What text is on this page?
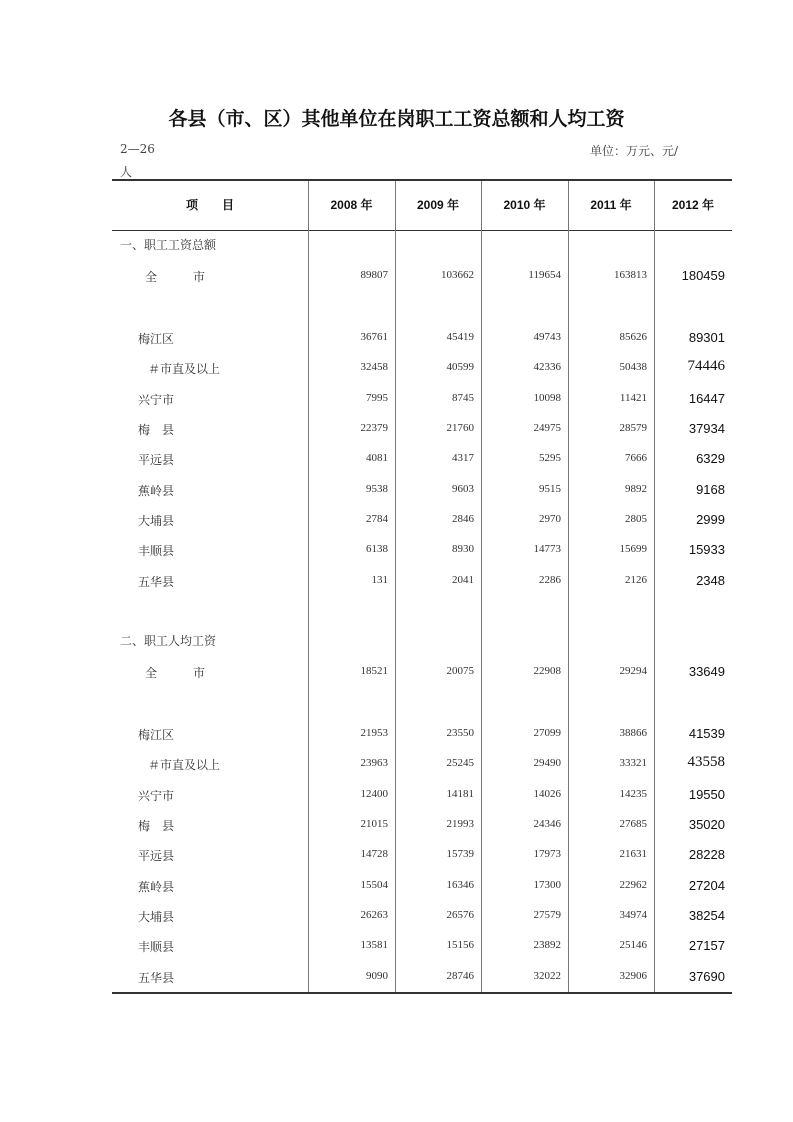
各县（市、区）其他单位在岗职工工资总额和人均工资
2—26	单位：万元、元/
人
项　　目	2008 年	2009 年	2010 年	2011 年	2012 年
一、职工工资总额
全　　　市	89807	103662	119654	163813	180459
梅江区	36761	45419	49743	85626	89301
＃市直及以上	32458	40599	42336	50438	74446
兴宁市	7995	8745	10098	11421	16447
梅　县	22379	21760	24975	28579	37934
平远县	4081	4317	5295	7666	6329
蕉岭县	9538	9603	9515	9892	9168
大埔县	2784	2846	2970	2805	2999
丰顺县	6138	8930	14773	15699	15933
五华县	131	2041	2286	2126	2348
二、职工人均工资
全　　　市	18521	20075	22908	29294	33649
梅江区	21953	23550	27099	38866	41539
＃市直及以上	23963	25245	29490	33321	43558
兴宁市	12400	14181	14026	14235	19550
梅　县	21015	21993	24346	27685	35020
平远县	14728	15739	17973	21631	28228
蕉岭县	15504	16346	17300	22962	27204
大埔县	26263	26576	27579	34974	38254
丰顺县	13581	15156	23892	25146	27157
五华县	9090	28746	32022	32906	37690
